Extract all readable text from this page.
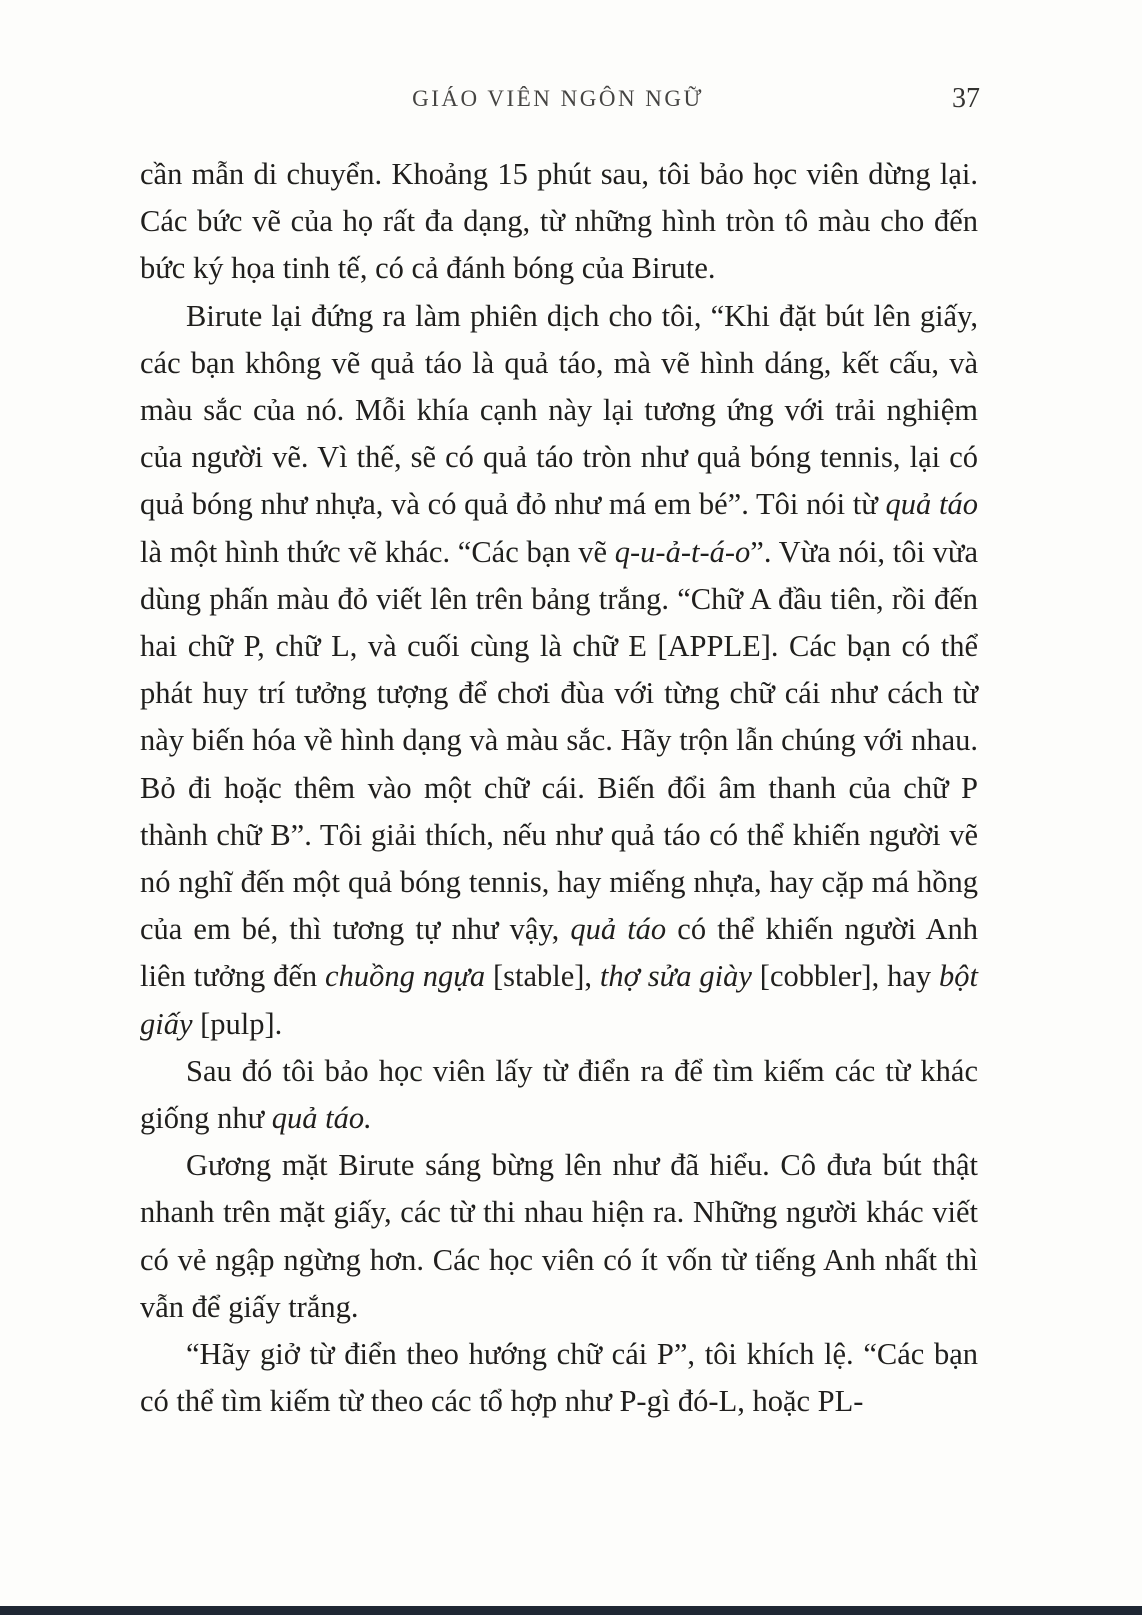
GIÁO VIÊN NGÔN NGỮ	37

cần mẫn di chuyển. Khoảng 15 phút sau, tôi bảo học viên dừng lại. Các bức vẽ của họ rất đa dạng, từ những hình tròn tô màu cho đến bức ký họa tinh tế, có cả đánh bóng của Birute.

Birute lại đứng ra làm phiên dịch cho tôi, “Khi đặt bút lên giấy, các bạn không vẽ quả táo là quả táo, mà vẽ hình dáng, kết cấu, và màu sắc của nó. Mỗi khía cạnh này lại tương ứng với trải nghiệm của người vẽ. Vì thế, sẽ có quả táo tròn như quả bóng tennis, lại có quả bóng như nhựa, và có quả đỏ như má em bé”. Tôi nói từ quả táo là một hình thức vẽ khác. “Các bạn vẽ q-u-ả-t-á-o”. Vừa nói, tôi vừa dùng phấn màu đỏ viết lên trên bảng trắng. “Chữ A đầu tiên, rồi đến hai chữ P, chữ L, và cuối cùng là chữ E [APPLE]. Các bạn có thể phát huy trí tưởng tượng để chơi đùa với từng chữ cái như cách từ này biến hóa về hình dạng và màu sắc. Hãy trộn lẫn chúng với nhau. Bỏ đi hoặc thêm vào một chữ cái. Biến đổi âm thanh của chữ P thành chữ B”. Tôi giải thích, nếu như quả táo có thể khiến người vẽ nó nghĩ đến một quả bóng tennis, hay miếng nhựa, hay cặp má hồng của em bé, thì tương tự như vậy, quả táo có thể khiến người Anh liên tưởng đến chuồng ngựa [stable], thợ sửa giày [cobbler], hay bột giấy [pulp].

Sau đó tôi bảo học viên lấy từ điển ra để tìm kiếm các từ khác giống như quả táo.

Gương mặt Birute sáng bừng lên như đã hiểu. Cô đưa bút thật nhanh trên mặt giấy, các từ thi nhau hiện ra. Những người khác viết có vẻ ngập ngừng hơn. Các học viên có ít vốn từ tiếng Anh nhất thì vẫn để giấy trắng.

“Hãy giở từ điển theo hướng chữ cái P”, tôi khích lệ. “Các bạn có thể tìm kiếm từ theo các tổ hợp như P-gì đó-L, hoặc PL-
